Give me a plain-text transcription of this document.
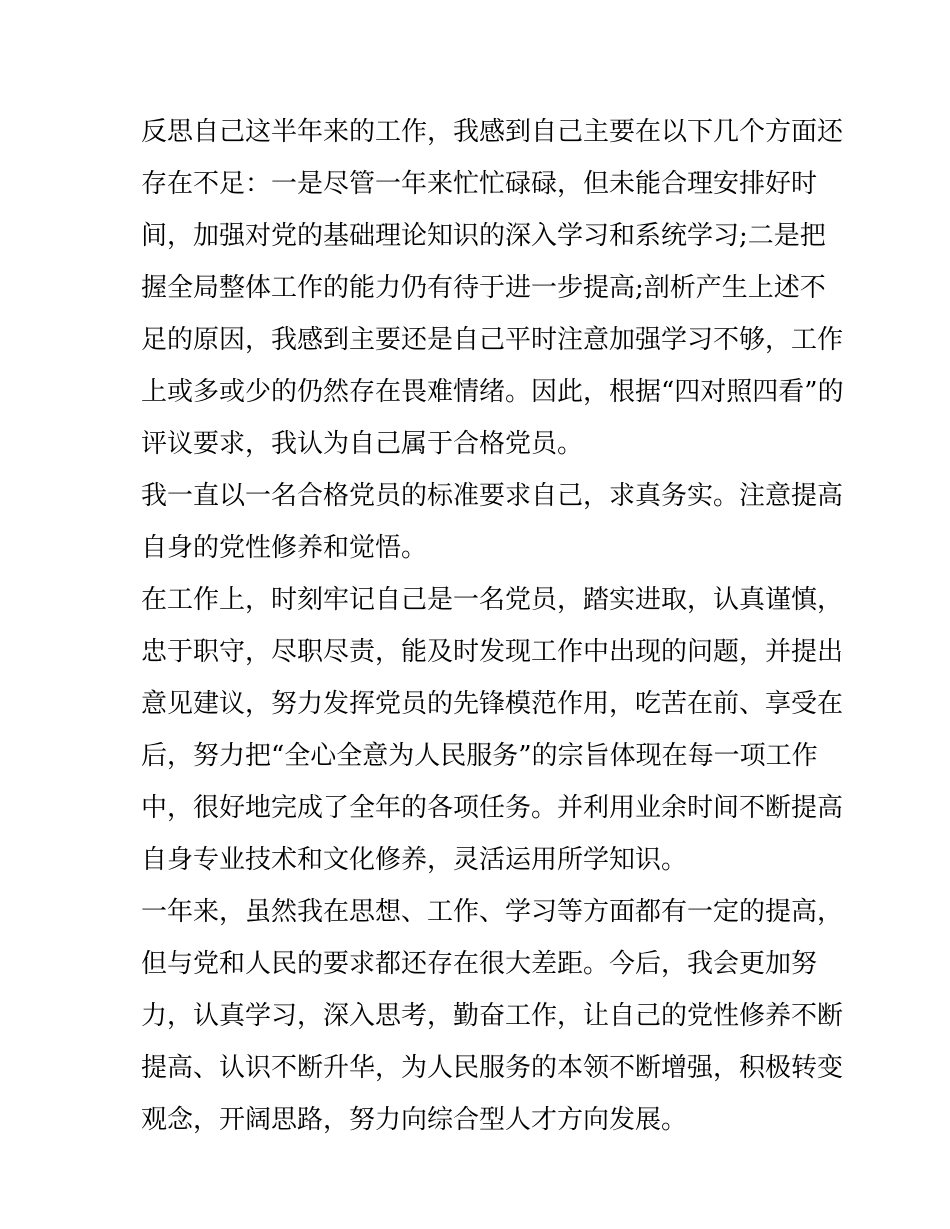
反思自己这半年来的工作，我感到自己主要在以下几个方面还
存在不足：一是尽管一年来忙忙碌碌，但未能合理安排好时
间，加强对党的基础理论知识的深入学习和系统学习;二是把
握全局整体工作的能力仍有待于进一步提高;剖析产生上述不
足的原因，我感到主要还是自己平时注意加强学习不够，工作
上或多或少的仍然存在畏难情绪。因此，根据“四对照四看”的
评议要求，我认为自己属于合格党员。
我一直以一名合格党员的标准要求自己，求真务实。注意提高
自身的党性修养和觉悟。
在工作上，时刻牢记自己是一名党员，踏实进取，认真谨慎，
忠于职守，尽职尽责，能及时发现工作中出现的问题，并提出
意见建议，努力发挥党员的先锋模范作用，吃苦在前、享受在
后，努力把“全心全意为人民服务”的宗旨体现在每一项工作
中，很好地完成了全年的各项任务。并利用业余时间不断提高
自身专业技术和文化修养，灵活运用所学知识。
一年来，虽然我在思想、工作、学习等方面都有一定的提高，
但与党和人民的要求都还存在很大差距。今后，我会更加努
力，认真学习，深入思考，勤奋工作，让自己的党性修养不断
提高、认识不断升华，为人民服务的本领不断增强，积极转变
观念，开阔思路，努力向综合型人才方向发展。
